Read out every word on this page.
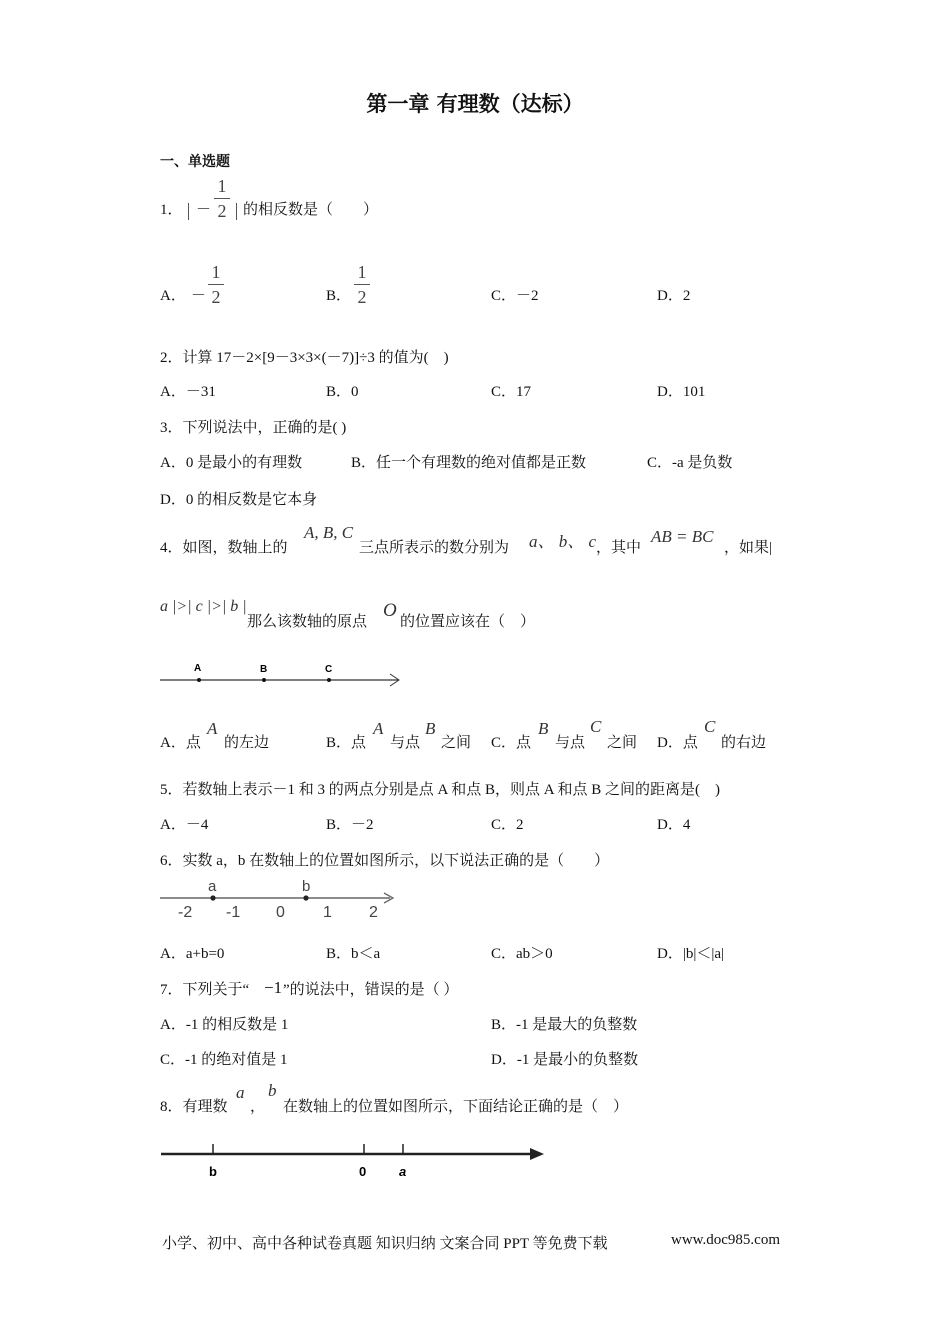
第一章 有理数（达标）
一、单选题
1． －
1
2 的相反数是（　　）
A． －
1
2	B．
1
2	C．－2	D．2
2．计算 17－2×[9－3×3×(－7)]÷3 的值为(　)
A．－31	B．0	C．17	D．101
3．下列说法中，正确的是( )
A．0 是最小的有理数	B．任一个有理数的绝对值都是正数	C．-a 是负数
D．0 的相反数是它本身
4．如图，数轴上的
A, B, C
三点所表示的数分别为 a、 b、 c ，其中
AB = BC
，如果|
a |>| c |>| b |
那么该数轴的原点
O
的位置应该在（　）
A	B	C
A．点
A
的左边	B．点
A
与点
B
之间 C．点
B
与点
C
之间 D．点
C
的右边
5．若数轴上表示－1 和 3 的两点分别是点 A 和点 B，则点 A 和点 B 之间的距离是(　)
A．－4	B．－2	C．2	D．4
6．实数 a，b 在数轴上的位置如图所示，以下说法正确的是（　　）
a	b
-2 -1 0 1 2
A．a+b=0	B．b＜a	C．ab＞0	D．|b|＜|a|
7．下列关于“ −1 ”的说法中，错误的是（ ）
A．-1 的相反数是 1	B．-1 是最大的负整数
C．-1 的绝对值是 1	D．-1 是最小的负整数
8．有理数
a
，
b
在数轴上的位置如图所示，下面结论正确的是（　）
b	0	a
小学、初中、高中各种试卷真题 知识归纳 文案合同 PPT 等免费下载	www.doc985.com
